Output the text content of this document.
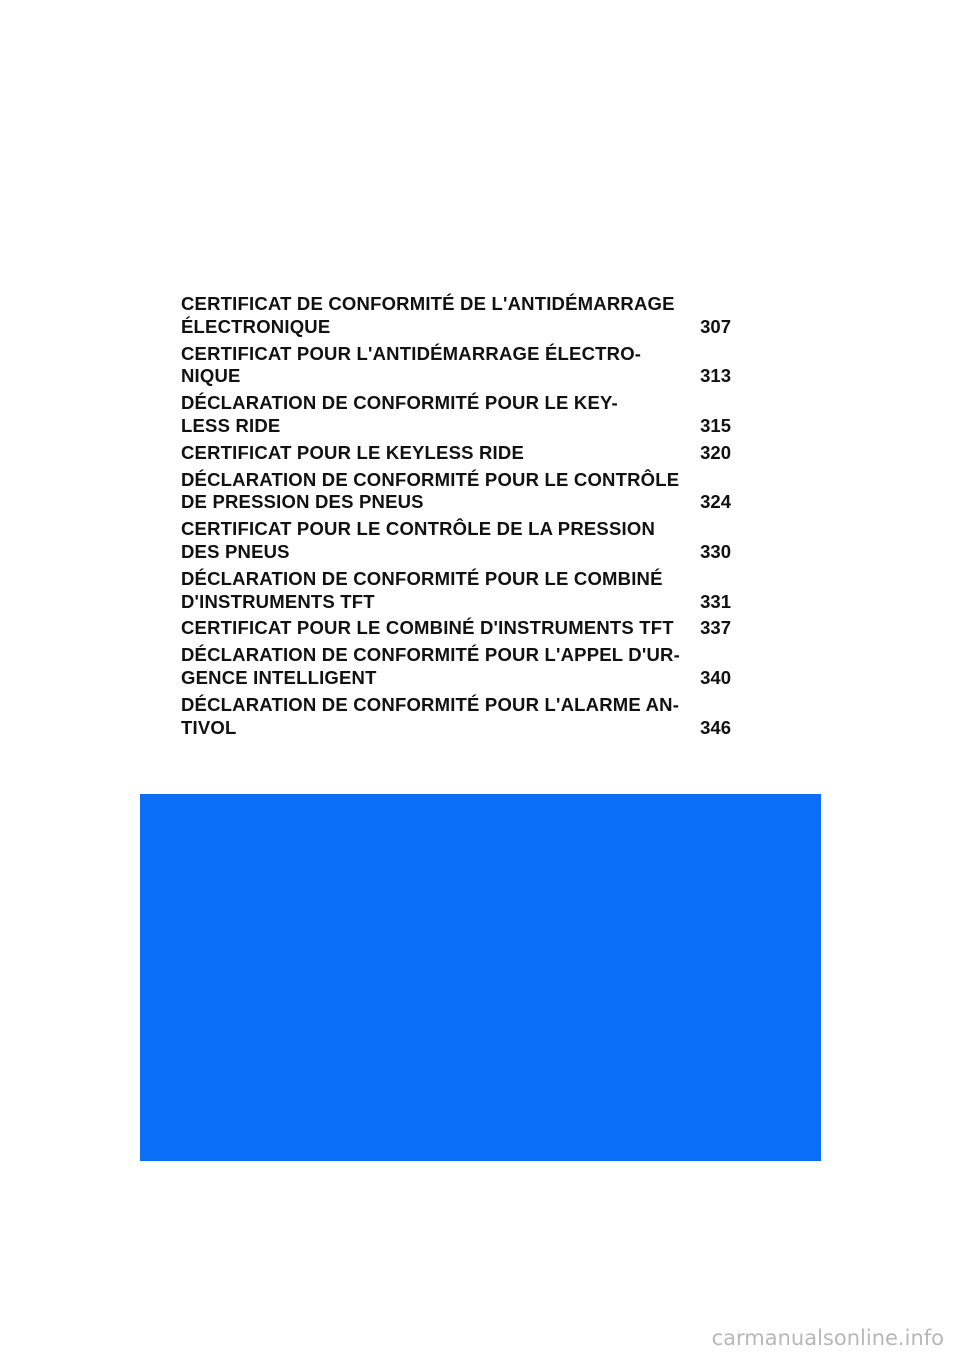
CERTIFICAT DE CONFORMITÉ DE L'ANTIDÉMARRAGE
ÉLECTRONIQUE	307
CERTIFICAT POUR L'ANTIDÉMARRAGE ÉLECTRO-
NIQUE	313
DÉCLARATION DE CONFORMITÉ POUR LE KEY-
LESS RIDE	315
CERTIFICAT POUR LE KEYLESS RIDE	320
DÉCLARATION DE CONFORMITÉ POUR LE CONTRÔLE
DE PRESSION DES PNEUS	324
CERTIFICAT POUR LE CONTRÔLE DE LA PRESSION
DES PNEUS	330
DÉCLARATION DE CONFORMITÉ POUR LE COMBINÉ
D'INSTRUMENTS TFT	331
CERTIFICAT POUR LE COMBINÉ D'INSTRUMENTS TFT	337
DÉCLARATION DE CONFORMITÉ POUR L'APPEL D'UR-
GENCE INTELLIGENT	340
DÉCLARATION DE CONFORMITÉ POUR L'ALARME AN-
TIVOL	346
carmanualsonline.info
